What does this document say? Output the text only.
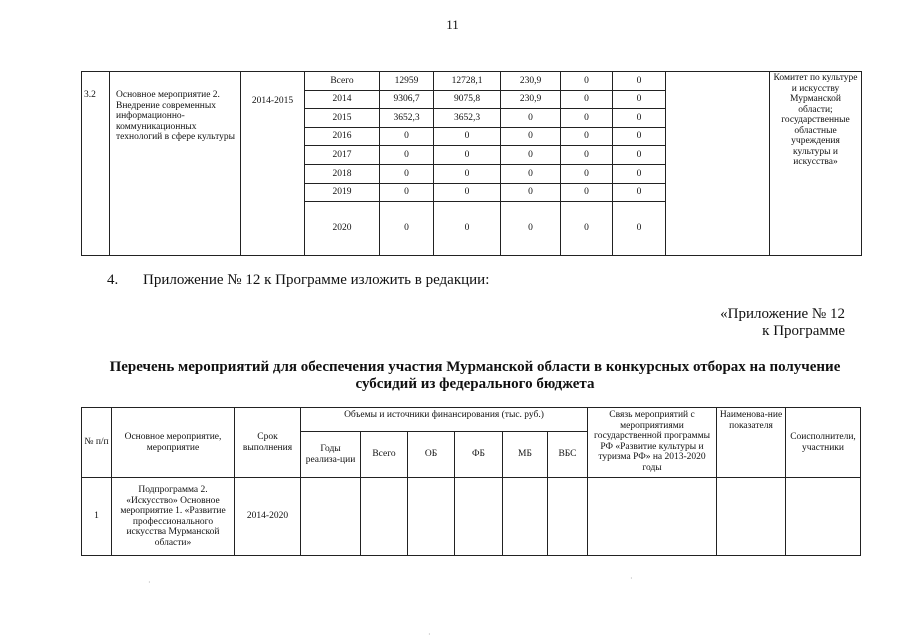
11
3.2	Основное мероприятие 2. Внедрение современных информационно-коммуникационных технологий в сфере культуры	2014-2015	Всего	12959	12728,1	230,9	0	0		Комитет по культуре и искусству Мурманской области; государственные областные учреждения культуры и искусства»
			2014	9306,7	9075,8	230,9	0	0		
			2015	3652,3	3652,3	0	0	0		
			2016	0	0	0	0	0		
			2017	0	0	0	0	0		
			2018	0	0	0	0	0		
			2019	0	0	0	0	0		
			2020	0	0	0	0	0		
4. Приложение № 12 к Программе изложить в редакции:
«Приложение № 12
к Программе
Перечень мероприятий для обеспечения участия Мурманской области в конкурсных отборах на получение субсидий из федерального бюджета
№ п/п	Основное мероприятие, мероприятие	Срок выполнения	Объемы и источники финансирования (тыс. руб.)						Связь мероприятий с мероприятиями государственной программы РФ «Развитие культуры и туризма РФ» на 2013-2020 годы	Наименова-ние показателя	Соисполнители, участники
			Годы реализа-ции	Всего	ОБ	ФБ	МБ	ВБС			
1	Подпрограмма 2. «Искусство» Основное мероприятие 1. «Развитие профессионального искусства Мурманской области»	2014-2020									
·	·
·
